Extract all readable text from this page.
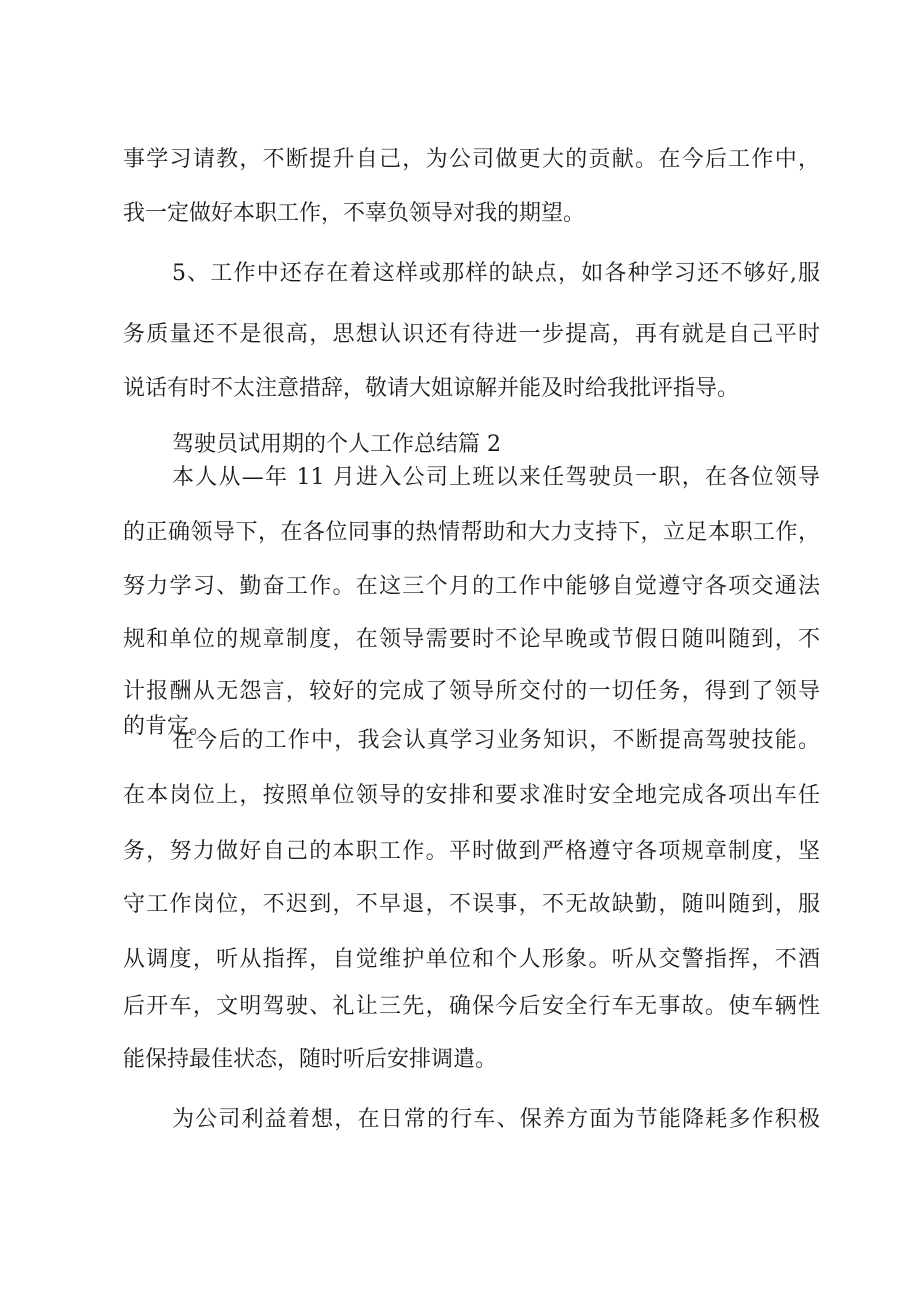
事学习请教，不断提升自己，为公司做更大的贡献。在今后工作中，
我一定做好本职工作，不辜负领导对我的期望。
5、工作中还存在着这样或那样的缺点，如各种学习还不够好,服
务质量还不是很高，思想认识还有待进一步提高，再有就是自己平时
说话有时不太注意措辞，敬请大姐谅解并能及时给我批评指导。
驾驶员试用期的个人工作总结篇 2
本人从—年 11 月进入公司上班以来任驾驶员一职，在各位领导
的正确领导下，在各位同事的热情帮助和大力支持下，立足本职工作，
努力学习、勤奋工作。在这三个月的工作中能够自觉遵守各项交通法
规和单位的规章制度，在领导需要时不论早晚或节假日随叫随到，不
计报酬从无怨言，较好的完成了领导所交付的一切任务，得到了领导
的肯定。
在今后的工作中，我会认真学习业务知识，不断提高驾驶技能。
在本岗位上，按照单位领导的安排和要求准时安全地完成各项出车任
务，努力做好自己的本职工作。平时做到严格遵守各项规章制度，坚
守工作岗位，不迟到，不早退，不误事，不无故缺勤，随叫随到，服
从调度，听从指挥，自觉维护单位和个人形象。听从交警指挥，不酒
后开车，文明驾驶、礼让三先，确保今后安全行车无事故。使车辆性
能保持最佳状态，随时听后安排调遣。
为公司利益着想，在日常的行车、保养方面为节能降耗多作积极
